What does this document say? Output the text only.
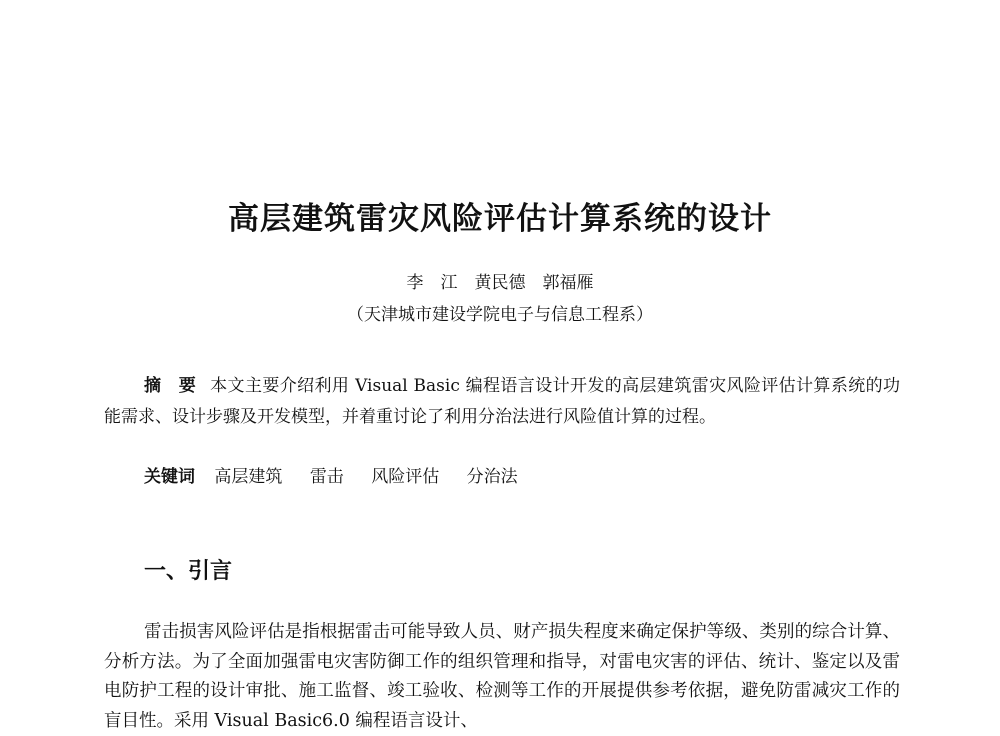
高层建筑雷灾风险评估计算系统的设计
李　江　黄民德　郭福雁
（天津城市建设学院电子与信息工程系）

摘　要 本文主要介绍利用 Visual Basic 编程语言设计开发的高层建筑雷灾风险评估计算系统的功能需求、设计步骤及开发模型，并着重讨论了利用分治法进行风险值计算的过程。

关键词 高层建筑 雷击 风险评估 分治法
一、引言

雷击损害风险评估是指根据雷击可能导致人员、财产损失程度来确定保护等级、类别的综合计算、分析方法。为了全面加强雷电灾害防御工作的组织管理和指导，对雷电灾害的评估、统计、鉴定以及雷电防护工程的设计审批、施工监督、竣工验收、检测等工作的开展提供参考依据，避免防雷减灾工作的盲目性。采用 Visual Basic6.0 编程语言设计、
